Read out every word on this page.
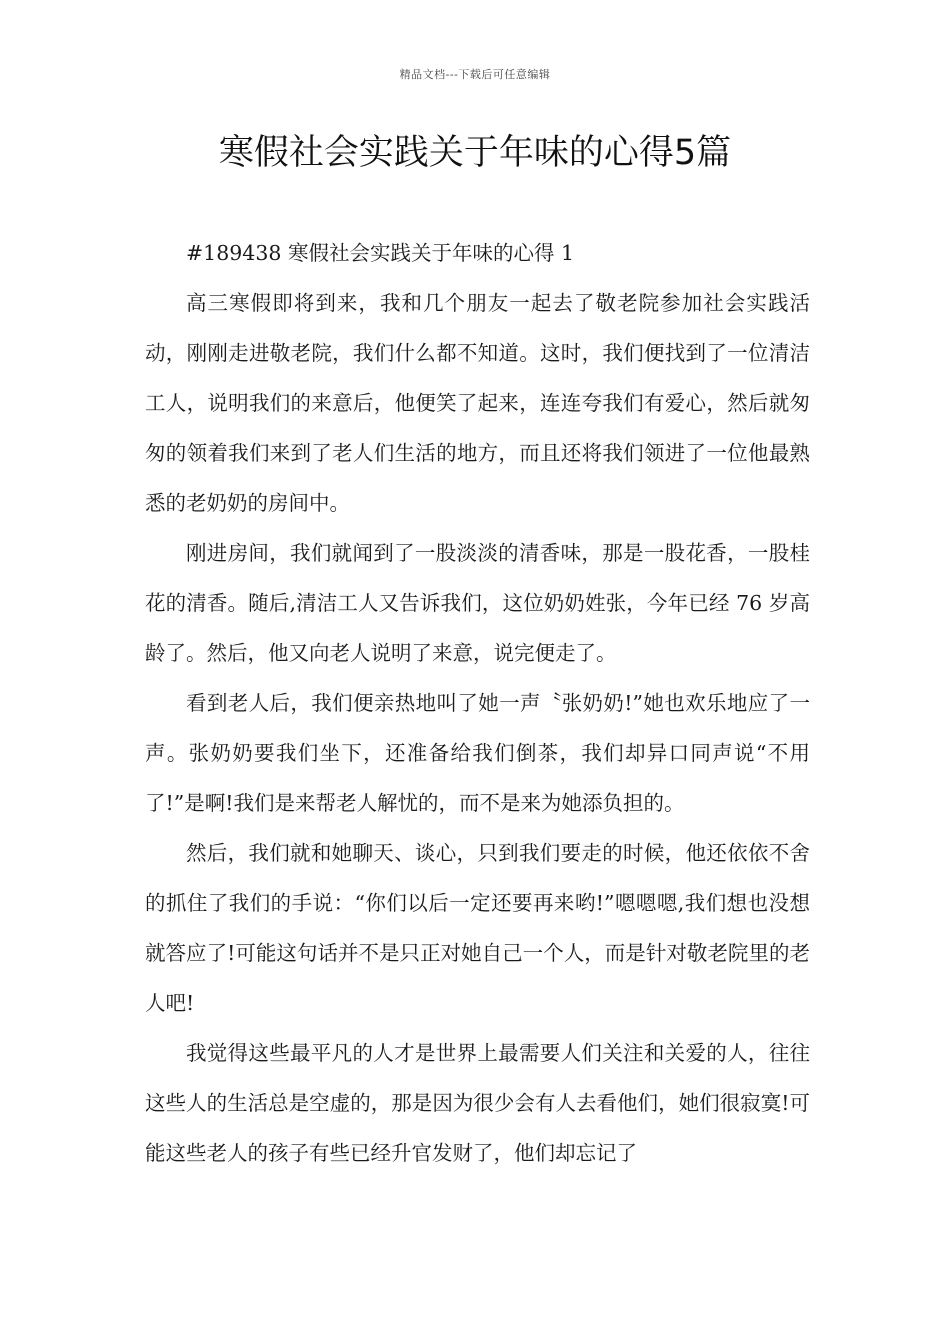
精品文档---下载后可任意编辑
寒假社会实践关于年味的心得5篇

#189438 寒假社会实践关于年味的心得 1

高三寒假即将到来，我和几个朋友一起去了敬老院参加社会实践活动，刚刚走进敬老院，我们什么都不知道。这时，我们便找到了一位清洁工人，说明我们的来意后，他便笑了起来，连连夸我们有爱心，然后就匆匆的领着我们来到了老人们生活的地方，而且还将我们领进了一位他最熟悉的老奶奶的房间中。

刚进房间，我们就闻到了一股淡淡的清香味，那是一股花香，一股桂花的清香。随后,清洁工人又告诉我们，这位奶奶姓张，今年已经 76 岁高龄了。然后，他又向老人说明了来意，说完便走了。

看到老人后，我们便亲热地叫了她一声〝张奶奶!”她也欢乐地应了一声。张奶奶要我们坐下，还准备给我们倒茶，我们却异口同声说“不用了!”是啊!我们是来帮老人解忧的，而不是来为她添负担的。

然后，我们就和她聊天、谈心，只到我们要走的时候，他还依依不舍的抓住了我们的手说：“你们以后一定还要再来哟!”嗯嗯嗯,我们想也没想就答应了!可能这句话并不是只正对她自己一个人，而是针对敬老院里的老人吧!

我觉得这些最平凡的人才是世界上最需要人们关注和关爱的人，往往这些人的生活总是空虚的，那是因为很少会有人去看他们，她们很寂寞!可能这些老人的孩子有些已经升官发财了，他们却忘记了
